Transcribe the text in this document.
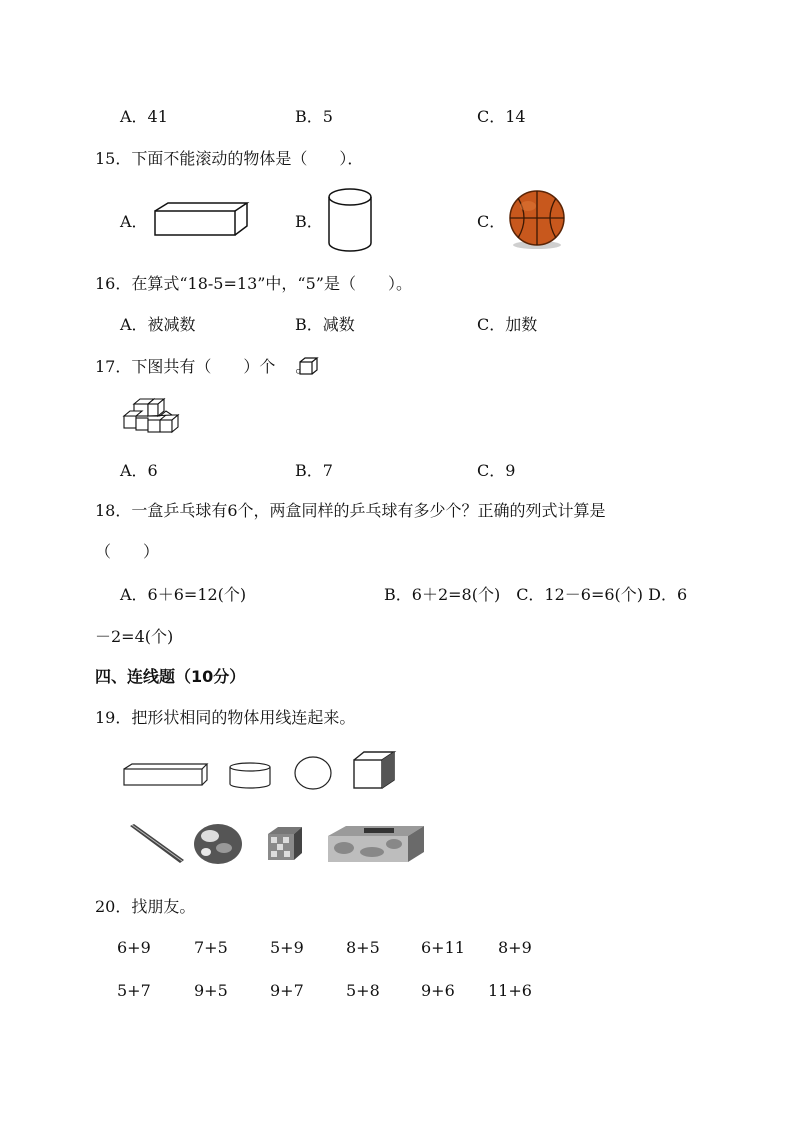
A．41	B．5	C．14
15．下面不能滚动的物体是（　　）．
A．	B．	C．
16．在算式“18-5=13”中，“5”是（　　）。
A．被减数	B．减数	C．加数
17．下图共有（　　）个 。
A．6	B．7	C．9
18．一盒乒乓球有6个，两盒同样的乒乓球有多少个？正确的列式计算是
（　　）
A．6＋6=12(个)	B．6＋2=8(个)　C．12－6=6(个) D．6
－2=4(个)
四、连线题（10分）
19．把形状相同的物体用线连起来。
20．找朋友。
6+9	7+5	5+9	8+5	6+11 8+9
5+7	9+5	9+7	5+8	9+6 11+6
